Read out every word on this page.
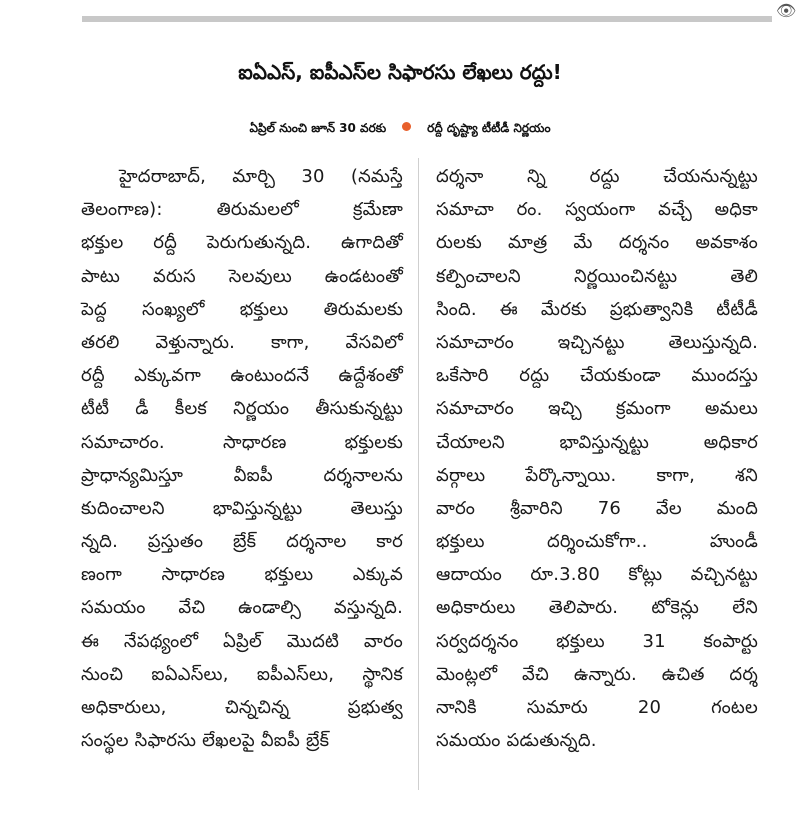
👁
ఐఏఎస్‌, ఐపీఎస్‌ల సిఫారసు లేఖలు రద్దు!
ఏప్రిల్‌ నుంచి జూన్‌ 30 వరకు	రద్దీ దృష్ట్యా టీటీడీ నిర్ణయం
హైదరాబాద్‌, మార్చి 30 (నమస్తే
తెలంగాణ): తిరుమలలో క్రమేణా
భక్తుల రద్దీ పెరుగుతున్నది. ఉగాదితో
పాటు వరుస సెలవులు ఉండటంతో
పెద్ద సంఖ్యలో భక్తులు తిరుమలకు
తరలి వెళ్తున్నారు. కాగా, వేసవిలో
రద్దీ ఎక్కువగా ఉంటుందనే ఉద్దేశంతో
టీటీ డీ కీలక నిర్ణయం తీసుకున్నట్టు
సమాచారం. సాధారణ భక్తులకు
ప్రాధాన్యమిస్తూ వీఐపీ దర్శనాలను
కుదించాలని భావిస్తున్నట్టు తెలుస్తు
న్నది. ప్రస్తుతం బ్రేక్‌ దర్శనాల కార
ణంగా సాధారణ భక్తులు ఎక్కువ
సమయం వేచి ఉండాల్సి వస్తున్నది.
ఈ నేపథ్యంలో ఏప్రిల్‌ మొదటి వారం
నుంచి ఐఏఎస్‌లు, ఐపీఎస్‌లు, స్థానిక
అధికారులు, చిన్నచిన్న ప్రభుత్వ
సంస్థల సిఫారసు లేఖలపై వీఐపీ బ్రేక్‌
దర్శనా న్ని రద్దు చేయనున్నట్టు
సమాచా రం. స్వయంగా వచ్చే అధికా
రులకు మాత్ర మే దర్శనం అవకాశం
కల్పించాలని నిర్ణయించినట్టు తెలి
సింది. ఈ మేరకు ప్రభుత్వానికి టీటీడీ
సమాచారం ఇచ్చినట్టు తెలుస్తున్నది.
ఒకేసారి రద్దు చేయకుండా ముందస్తు
సమాచారం ఇచ్చి క్రమంగా అమలు
చేయాలని భావిస్తున్నట్టు అధికార
వర్గాలు పేర్కొన్నాయి. కాగా, శని
వారం శ్రీవారిని 76 వేల మంది
భక్తులు దర్శించుకోగా.. హుండీ
ఆదాయం రూ.3.80 కోట్లు వచ్చినట్టు
అధికారులు తెలిపారు. టోకెన్లు లేని
సర్వదర్శనం భక్తులు 31 కంపార్టు
మెంట్లలో వేచి ఉన్నారు. ఉచిత దర్శ
నానికి సుమారు 20 గంటల
సమయం పడుతున్నది.
